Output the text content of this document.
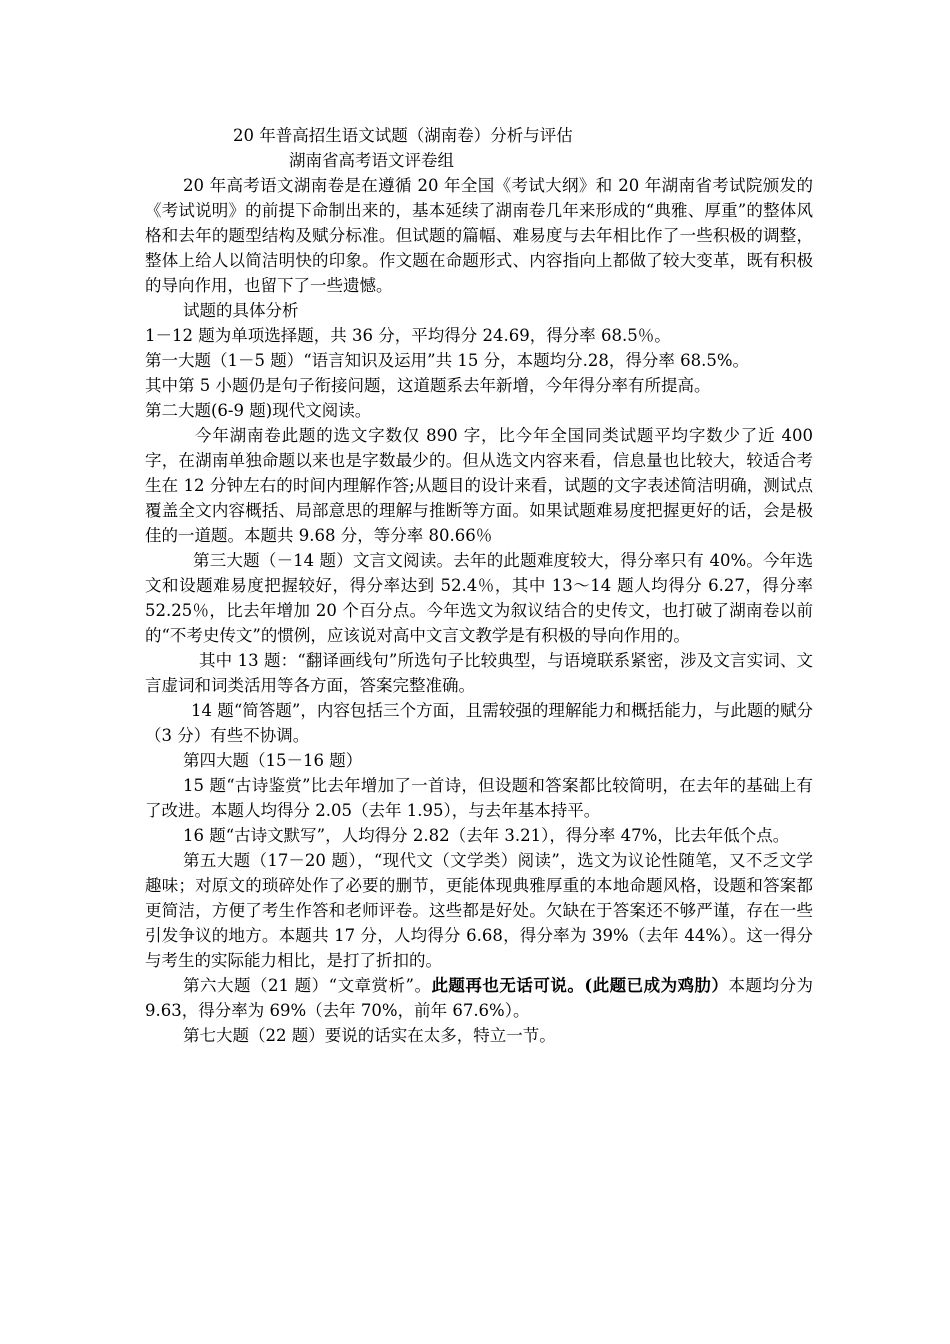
20 年普高招生语文试题（湖南卷）分析与评估

湖南省高考语文评卷组

20 年高考语文湖南卷是在遵循 20 年全国《考试大纲》和 20 年湖南省考试院颁发的《考试说明》的前提下命制出来的，基本延续了湖南卷几年来形成的“典雅、厚重”的整体风格和去年的题型结构及赋分标准。但试题的篇幅、难易度与去年相比作了一些积极的调整，整体上给人以简洁明快的印象。作文题在命题形式、内容指向上都做了较大变革，既有积极的导向作用，也留下了一些遗憾。

试题的具体分析

1－12 题为单项选择题，共 36 分，平均得分 24.69，得分率 68.5％。

第一大题（1－5 题）“语言知识及运用”共 15 分，本题均分.28，得分率 68.5%。

其中第 5 小题仍是句子衔接问题，这道题系去年新增，今年得分率有所提高。

第二大题(6-9 题)现代文阅读。

今年湖南卷此题的选文字数仅 890 字，比今年全国同类试题平均字数少了近 400 字，在湖南单独命题以来也是字数最少的。但从选文内容来看，信息量也比较大，较适合考生在 12 分钟左右的时间内理解作答;从题目的设计来看，试题的文字表述简洁明确，测试点覆盖全文内容概括、局部意思的理解与推断等方面。如果试题难易度把握更好的话，会是极佳的一道题。本题共 9.68 分，等分率 80.66％

第三大题（－14 题）文言文阅读。去年的此题难度较大，得分率只有 40%。今年选文和设题难易度把握较好，得分率达到 52.4％，其中 13～14 题人均得分 6.27，得分率 52.25％，比去年增加 20 个百分点。今年选文为叙议结合的史传文，也打破了湖南卷以前的“不考史传文”的惯例，应该说对高中文言文教学是有积极的导向作用的。

其中 13 题：“翻译画线句”所选句子比较典型，与语境联系紧密，涉及文言实词、文言虚词和词类活用等各方面，答案完整准确。

14 题“简答题”，内容包括三个方面，且需较强的理解能力和概括能力，与此题的赋分（3 分）有些不协调。

第四大题（15－16 题）

15 题“古诗鉴赏”比去年增加了一首诗，但设题和答案都比较简明，在去年的基础上有了改进。本题人均得分 2.05（去年 1.95），与去年基本持平。

16 题“古诗文默写”，人均得分 2.82（去年 3.21），得分率 47%，比去年低个点。

第五大题（17－20 题），“现代文（文学类）阅读”，选文为议论性随笔，又不乏文学趣味；对原文的琐碎处作了必要的删节，更能体现典雅厚重的本地命题风格，设题和答案都更简洁，方便了考生作答和老师评卷。这些都是好处。欠缺在于答案还不够严谨，存在一些引发争议的地方。本题共 17 分，人均得分 6.68，得分率为 39%（去年 44%）。这一得分与考生的实际能力相比，是打了折扣的。

第六大题（21 题）“文章赏析”。此题再也无话可说。(此题已成为鸡肋）本题均分为 9.63，得分率为 69%（去年 70%，前年 67.6%）。

第七大题（22 题）要说的话实在太多，特立一节。
